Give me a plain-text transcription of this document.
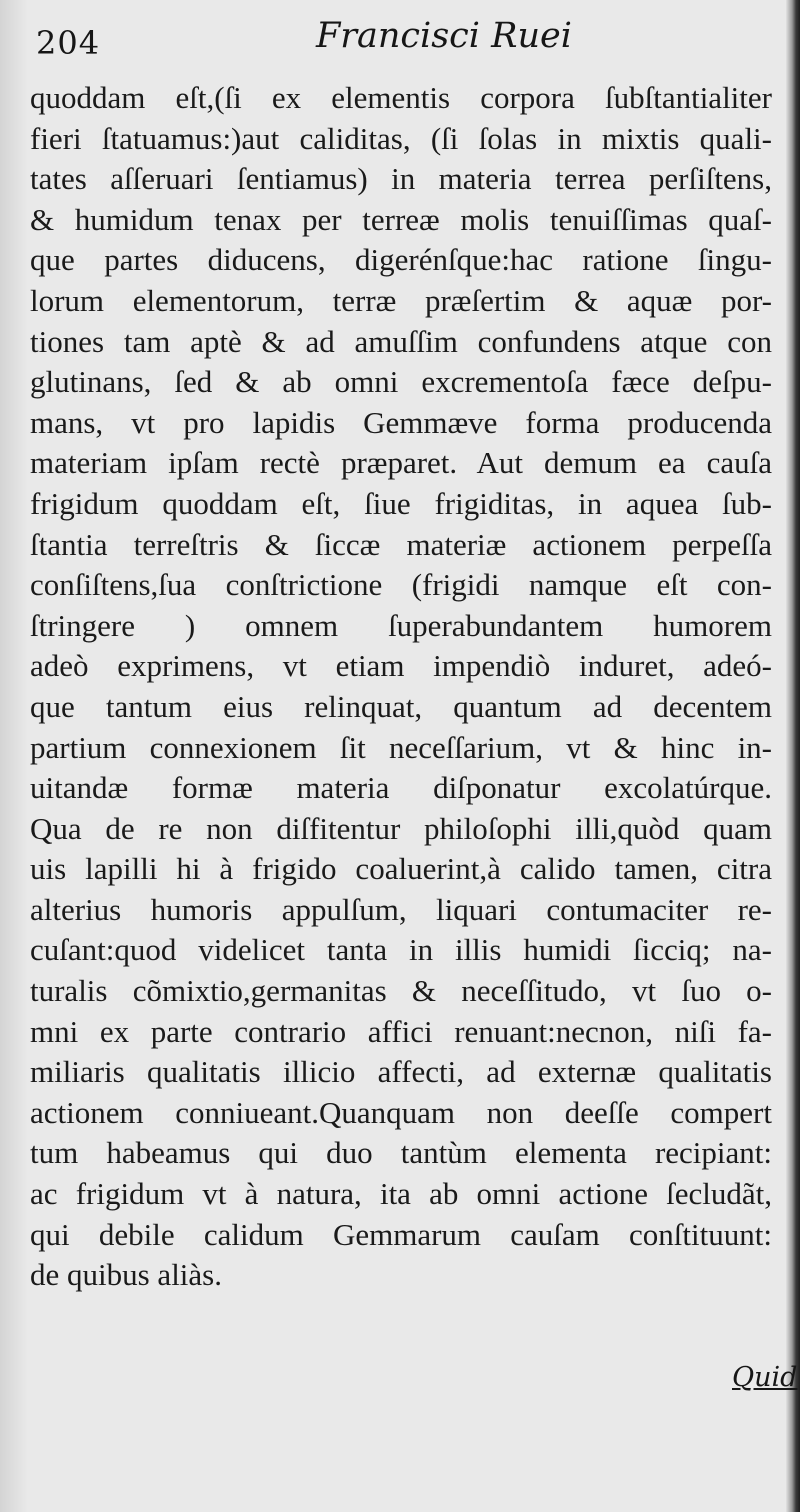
204	Francisci Ruei
quoddam eſt,(ſi ex elementis corpora ſubſtantialiter
fieri ſtatuamus:)aut caliditas, (ſi ſolas in mixtis quali-
tates aſſeruari ſentiamus) in materia terrea perſiſtens,
& humidum tenax per terreæ molis tenuiſſimas quaſ-
que partes diducens, digerénſque:hac ratione ſingu-
lorum elementorum, terræ præſertim & aquæ por-
tiones tam aptè & ad amuſſim confundens atque con
glutinans, ſed & ab omni excrementoſa fæce deſpu-
mans, vt pro lapidis Gemmæve forma producenda
materiam ipſam rectè præparet. Aut demum ea cauſa
frigidum quoddam eſt, ſiue frigiditas, in aquea ſub-
ſtantia terreſtris & ſiccæ materiæ actionem perpeſſa
conſiſtens,ſua conſtrictione (frigidi namque eſt con-
ſtringere ) omnem ſuperabundantem humorem
adeò exprimens, vt etiam impendiò induret, adeó-
que tantum eius relinquat, quantum ad decentem
partium connexionem ſit neceſſarium, vt & hinc in-
uitandæ formæ materia diſponatur excolatúrque.
Qua de re non diſfitentur philoſophi illi,quòd quam
uis lapilli hi à frigido coaluerint,à calido tamen, citra
alterius humoris appulſum, liquari contumaciter re-
cuſant:quod videlicet tanta in illis humidi ſicciq; na-
turalis cõmixtio,germanitas & neceſſitudo, vt ſuo o-
mni ex parte contrario affici renuant:necnon, niſi fa-
miliaris qualitatis illicio affecti, ad externæ qualitatis
actionem conniueant.Quanquam non deeſſe compert
tum habeamus qui duo tantùm elementa recipiant:
ac frigidum vt à natura, ita ab omni actione ſecludãt,
qui debile calidum Gemmarum cauſam conſtituunt:
de quibus aliàs.
Quid
